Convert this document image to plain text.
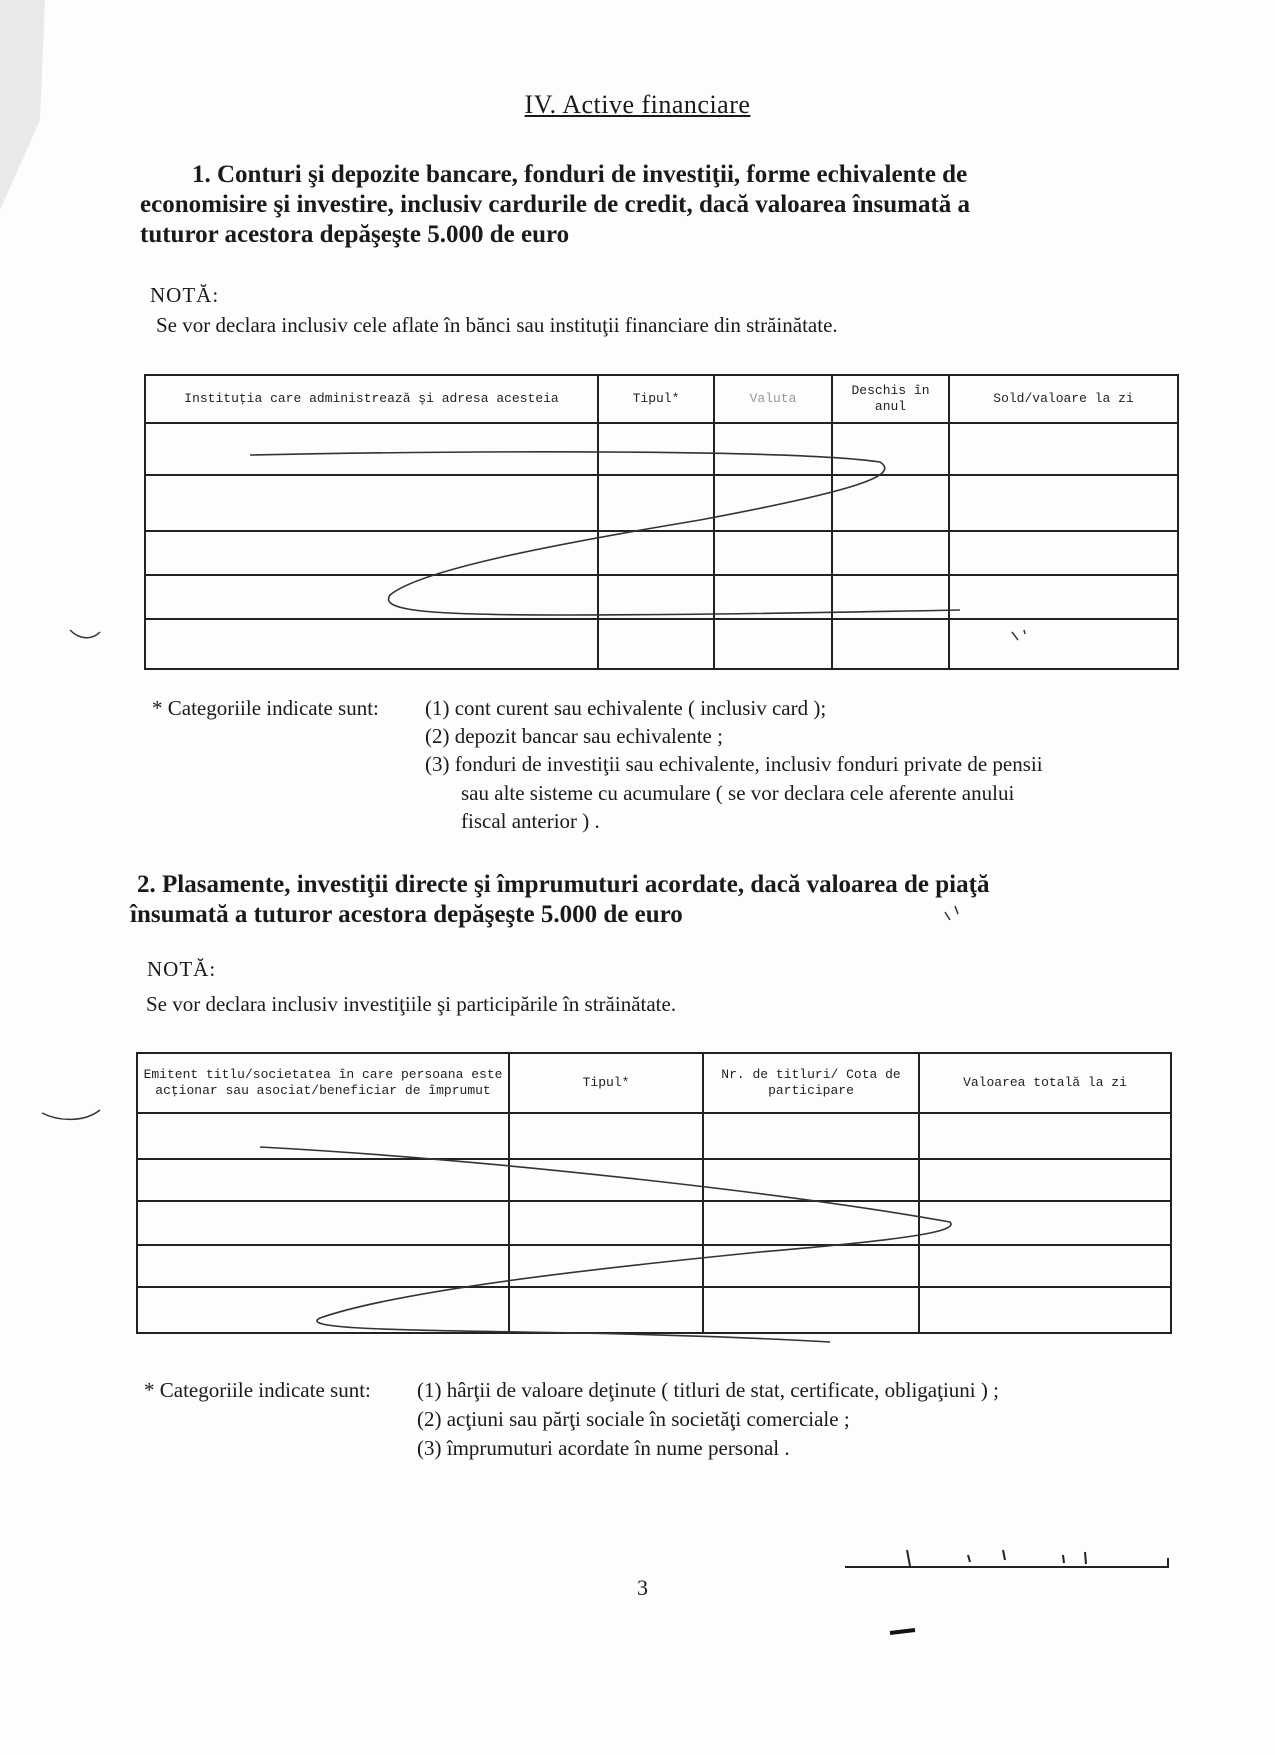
IV. Active financiare
1. Conturi şi depozite bancare, fonduri de investiţii, forme echivalente de
economisire şi investire, inclusiv cardurile de credit, dacă valoarea însumată a
tuturor acestora depăşeşte 5.000 de euro
NOTĂ:
Se vor declara inclusiv cele aflate în bănci sau instituţii financiare din străinătate.
Instituţia care administrează şi adresa acesteia	Tipul*	Valuta	Deschis în anul	Sold/valoare la zi

* Categoriile indicate sunt: (1) cont curent sau echivalente ( inclusiv card );
(2) depozit bancar sau echivalente ;
(3) fonduri de investiţii sau echivalente, inclusiv fonduri private de pensii
sau alte sisteme cu acumulare ( se vor declara cele aferente anului
fiscal anterior ) .
2. Plasamente, investiţii directe şi împrumuturi acordate, dacă valoarea de piaţă
însumată a tuturor acestora depăşeşte 5.000 de euro
NOTĂ:
Se vor declara inclusiv investiţiile şi participările în străinătate.
Emitent titlu/societatea în care persoana este acţionar sau asociat/beneficiar de împrumut	Tipul*	Nr. de titluri/ Cota de participare	Valoarea totală la zi

* Categoriile indicate sunt: (1) hârţii de valoare deţinute ( titluri de stat, certificate, obligaţiuni ) ;
(2) acţiuni sau părţi sociale în societăţi comerciale ;
(3) împrumuturi acordate în nume personal .
3
